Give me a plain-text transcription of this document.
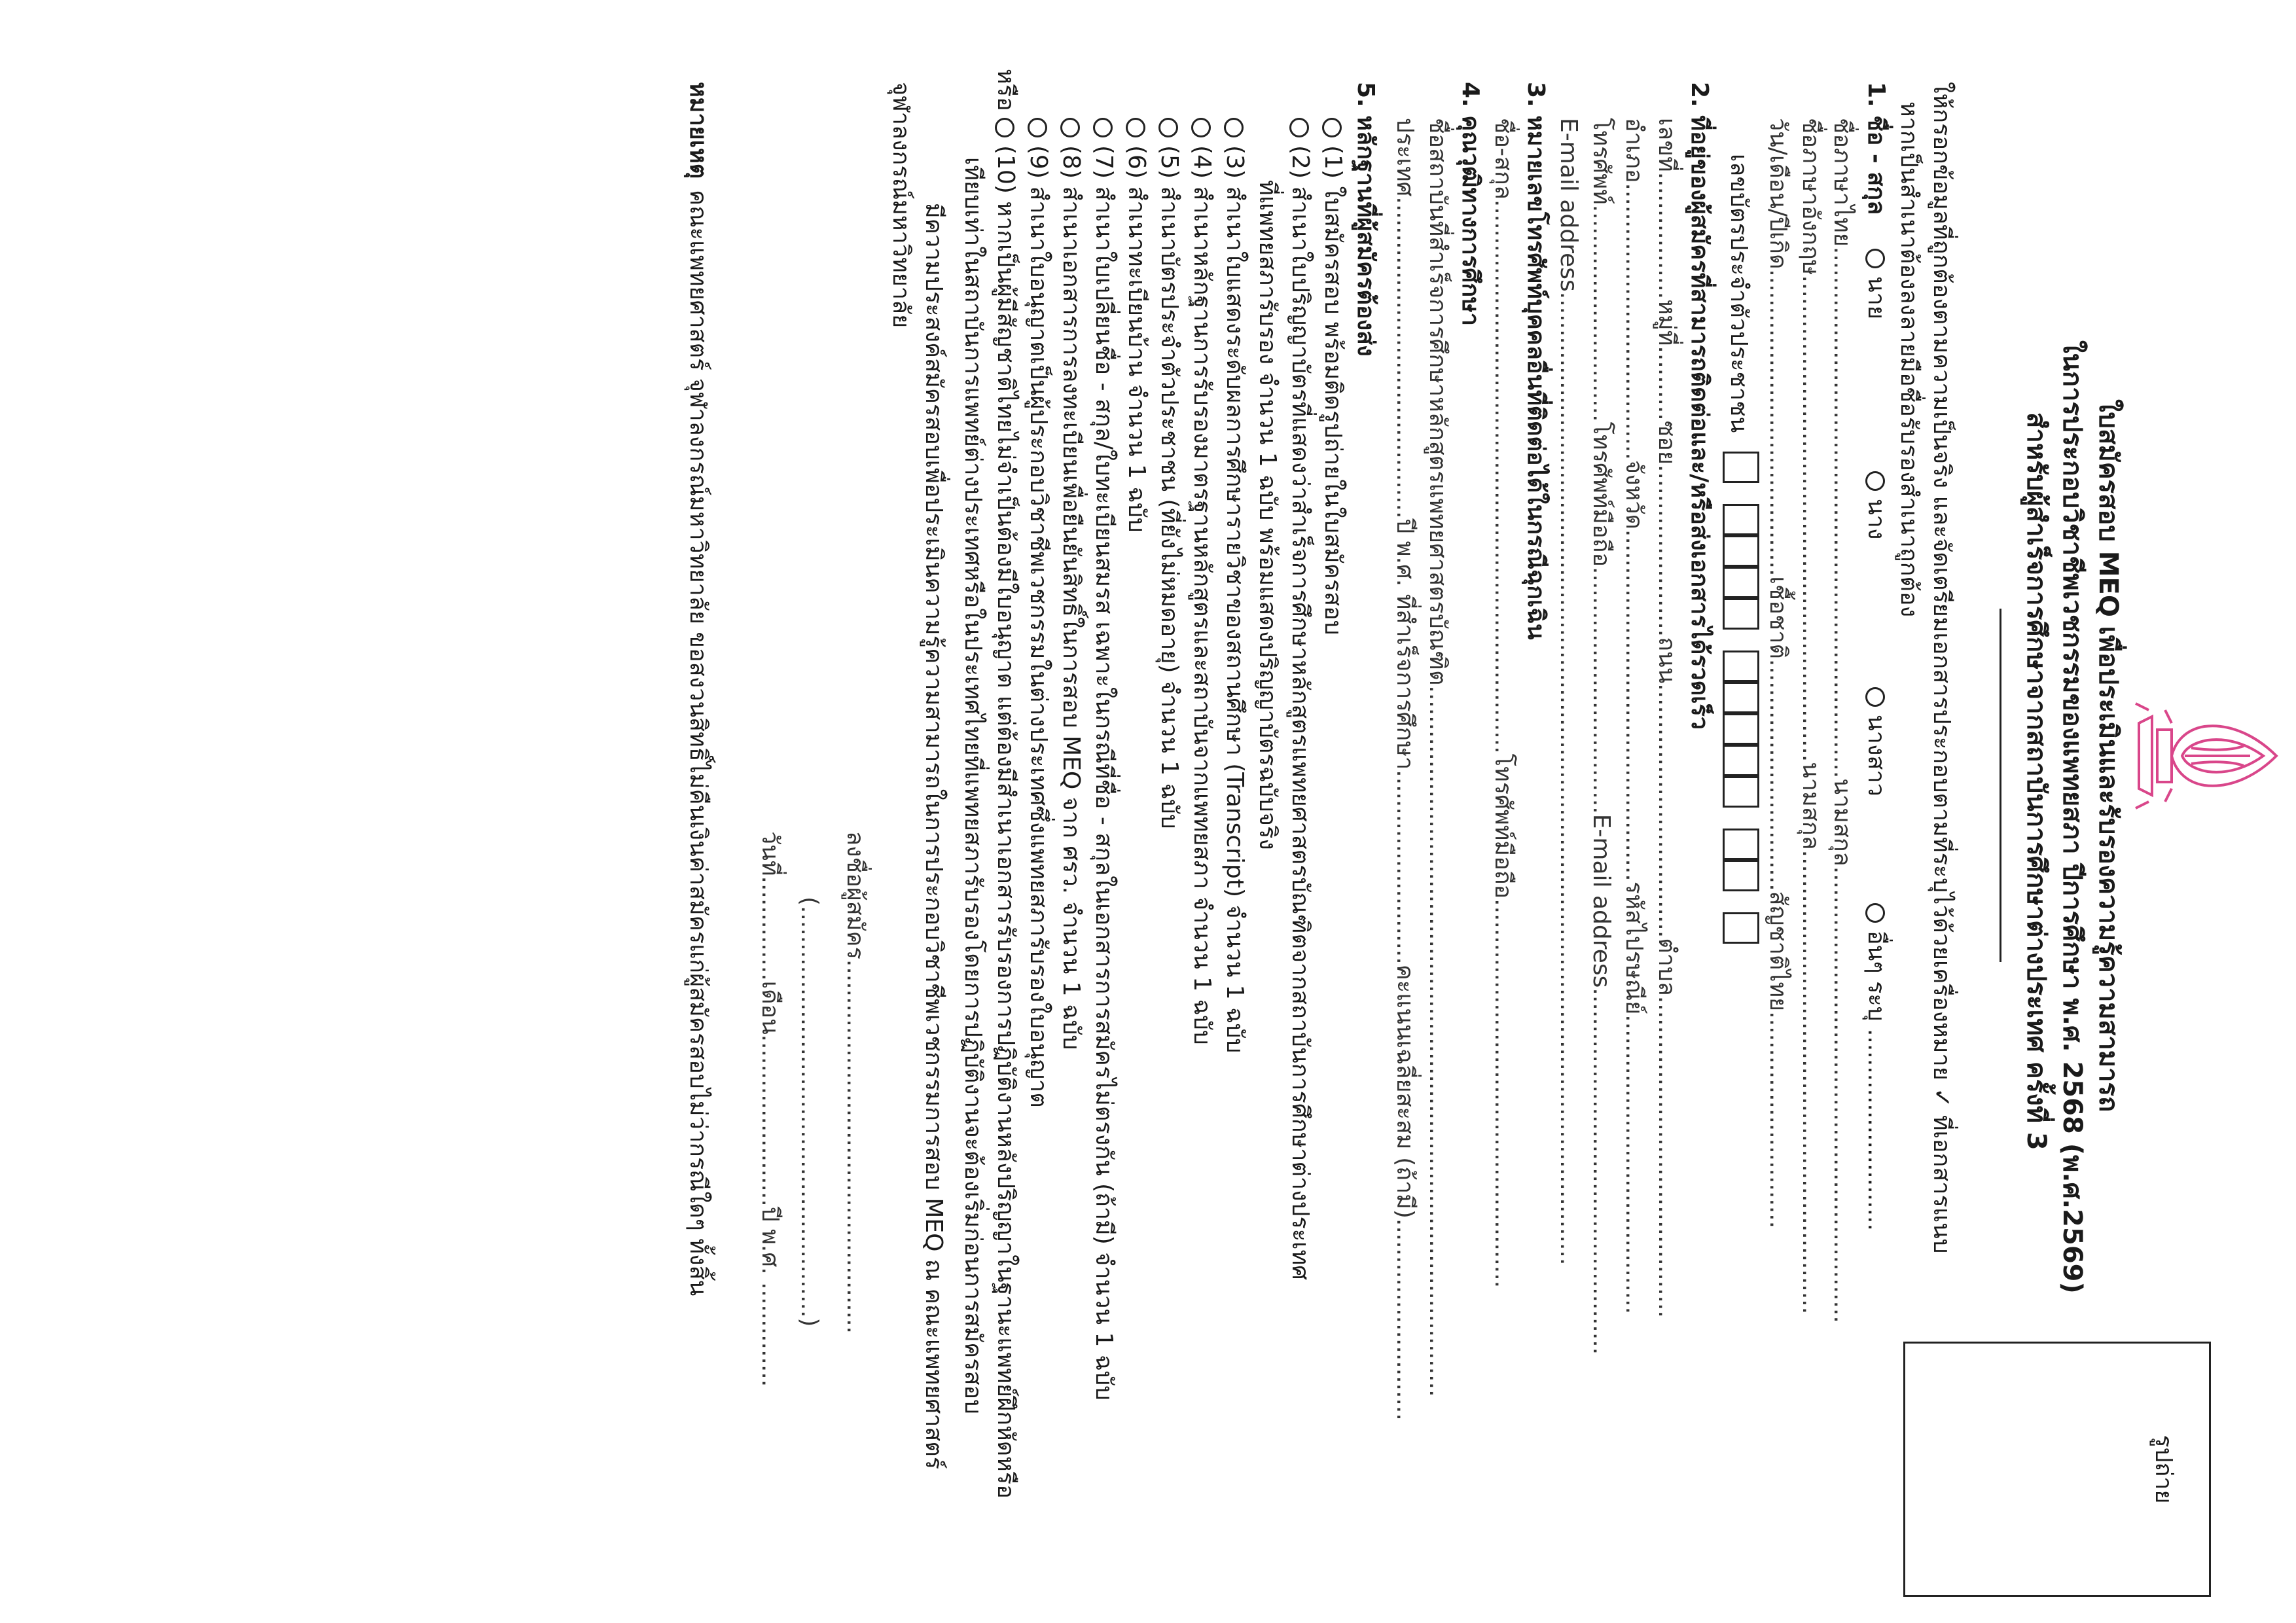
รูปถ่าย
ใบสมัครสอบ MEQ เพื่อประเมินและรับรองความรู้ความสามารถ
ในการประกอบวิชาชีพเวชกรรมของแพทยสภา ปีการศึกษา พ.ศ. 2568 (พ.ศ.2569)
สำหรับผู้สำเร็จการศึกษาจากสถาบันการศึกษาต่างประเทศ ครั้งที่ 3
ให้กรอกข้อมูลที่ถูกต้องตามความเป็นจริง และจัดเตรียมเอกสารประกอบตามที่ระบุไว้ด้วยเครื่องหมาย ✓ ที่เอกสารแนบ
หากเป็นสำเนาต้องลงลายมือชื่อรับรองสำเนาถูกต้อง
1. ชื่อ - สกุล
นาย
นาง
นางสาว
อื่นๆ ระบุ ...........................
ชื่อภาษาไทย.......................................................................นามสกุล.............................................................
ชื่อภาษาอังกฤษ.................................................................นามสกุล..............................................................
วัน/เดือน/ปีเกิด.........................................เชื้อชาติ...............................สัญชาติไทย.............................
เลขบัตรประจำตัวประชาชน
2. ที่อยู่ของผู้สมัครที่สามารถติดต่อและ/หรือส่งเอกสารได้รวดเร็ว
เลขที่.................หมู่ที่..........ซอย.......................ถนน..................................ตำบล...........................................
อำเภอ.....................................จังหวัด...............................................รหัสไปรษณีย์........................................
โทรศัพท์.............................โทรศัพท์มือถือ.................................E-mail address.................................................
E-mail address..................................................................................................................................
3. หมายเลขโทรศัพท์บุคคลอื่นที่ติดต่อได้ในกรณีฉุกเฉิน
ชื่อ-สกุล..........................................................................โทรศัพท์มือถือ....................................................
4. คุณวุฒิทางการศึกษา
ชื่อสถาบันที่สำเร็จการศึกษาหลักสูตรแพทยศาสตรบัณฑิต...............................................................................................
ประเทศ...........................................ปี พ.ศ. ที่สำเร็จการศึกษา..........................คะแนนเฉลี่ยสะสม (ถ้ามี)...........................
5. หลักฐานที่ผู้สมัครต้องส่ง
(1) ใบสมัครสอบ พร้อมติดรูปถ่ายในใบสมัครสอบ
(2) สำเนาใบปริญญาบัตรที่แสดงว่าสำเร็จการศึกษาหลักสูตรแพทยศาสตรบัณฑิตจากสถาบันการศึกษาต่างประเทศ
ที่แพทยสภารับรอง จำนวน 1 ฉบับ พร้อมแสดงปริญญาบัตรฉบับจริง
(3) สำเนาใบแสดงระดับผลการศึกษารายวิชาของสถานศึกษา (Transcript) จำนวน 1 ฉบับ
(4) สำเนาหลักฐานการรับรองมาตรฐานหลักสูตรและสถาบันจากแพทยสภา จำนวน 1 ฉบับ
(5) สำเนาบัตรประจำตัวประชาชน (ที่ยังไม่หมดอายุ) จำนวน 1 ฉบับ
(6) สำเนาทะเบียนบ้าน จำนวน 1 ฉบับ
(7) สำเนาใบเปลี่ยนชื่อ - สกุล/ใบทะเบียนสมรส เฉพาะในกรณีที่ชื่อ - สกุลในเอกสารการสมัครไม่ตรงกัน (ถ้ามี) จำนวน 1 ฉบับ
(8) สำเนาเอกสารการลงทะเบียนเพื่อยืนยันสิทธิ์ในการสอบ MEQ จาก ศรว. จำนวน 1 ฉบับ
(9) สำเนาใบอนุญาตเป็นผู้ประกอบวิชาชีพเวชกรรมในต่างประเทศซึ่งแพทยสภารับรองใบอนุญาต
หรือ
(10) หากเป็นผู้มีสัญชาติไทยไม่จำเป็นต้องมีใบอนุญาต แต่ต้องมีสำเนาเอกสารรับรองการปฏิบัติงานหลังปริญญาในฐานะแพทย์ฝึกหัดหรือ
เทียบเท่าในสถาบันการแพทย์ต่างประเทศหรือในประเทศไทยที่แพทยสภารับรองโดยการปฏิบัติงานจะต้องเริ่มก่อนการสมัครสอบ
มีความประสงค์สมัครสอบเพื่อประเมินความรู้ความสามารถในการประกอบวิชาชีพเวชกรรมการสอบ MEQ ณ คณะแพทยศาสตร์
จุฬาลงกรณ์มหาวิทยาลัย
ลงชื่อผู้สมัคร..................................................
(.......................................................)
วันที่..............เดือน.......................ปี พ.ศ. ..............
หมายเหตุ
คณะแพทยศาสตร์ จุฬาลงกรณ์มหาวิทยาลัย ขอสงวนสิทธิ์ไม่คืนเงินค่าสมัครแก่ผู้สมัครสอบไม่ว่ากรณีใดๆ ทั้งสิ้น
